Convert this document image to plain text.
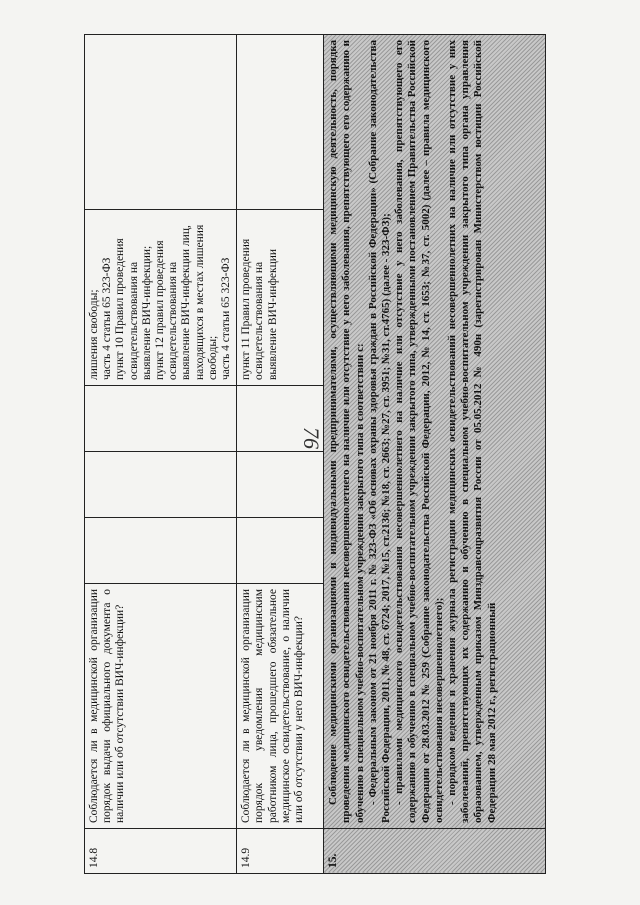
76
14.8	Соблюдается ли в медицинской организации порядок выдачи официального документа о наличии или об отсутствии ВИЧ-инфекции?				лишения свободы; часть 4 статьи 65 323-ФЗ пункт 10 Правил проведения освидетельствования на выявление ВИЧ-инфекции; пункт 12 правил проведения освидетельствования на выявление ВИЧ-инфекции лиц, находящихся в местах лишения свободы; часть 4 статьи 65 323-ФЗ	

14.9	Соблюдается ли в медицинской организации порядок уведомления медицинским работником лица, прошедшего обязательное медицинское освидетельствование, о наличии или об отсутствии у него ВИЧ-инфекции?				пункт 11 Правил проведения освидетельствования на выявление ВИЧ-инфекции	

15.	Соблюдение медицинскими организациями и индивидуальными предпринимателями, осуществляющими медицинскую деятельность, порядка проведения медицинского освидетельствования несовершеннолетнего на наличие или отсутствие у него заболевания, препятствующего его содержанию и обучению в специальном учебно-воспитательном учреждении закрытого типа в соответствии с: - Федеральным законом от 21 ноября 2011 г. № 323-ФЗ «Об основах охраны здоровья граждан в Российской Федерации» (Собрание законодательства Российской Федерации, 2011, № 48, ст. 6724; 2017, №15, ст.2136; №18, ст. 2663; №27, ст. 3951; №31, ст.4765) (далее - 323-ФЗ); - правилами медицинского освидетельствования несовершеннолетнего на наличие или отсутствие у него заболевания, препятствующего его содержанию и обучению в специальном учебно-воспитательном учреждении закрытого типа, утвержденными постановлением Правительства Российской Федерации от 28.03.2012 № 259 (Собрание законодательства Российской Федерации, 2012, № 14, ст. 1653; №37, ст. 5002) (далее – правила медицинского освидетельствования несовершеннолетнего); - порядком ведения и хранения журнала регистрации медицинских освидетельствований несовершеннолетних на наличие или отсутствие у них заболеваний, препятствующих их содержанию и обучению в специальном учебно-воспитательном учреждении закрытого типа органа управления образованием, утвержденным приказом Минздравсоцразвития России от 05.05.2012 № 490н (зарегистрирован Министерством юстиции Российской Федерации 28 мая 2012 г., регистрационный					
